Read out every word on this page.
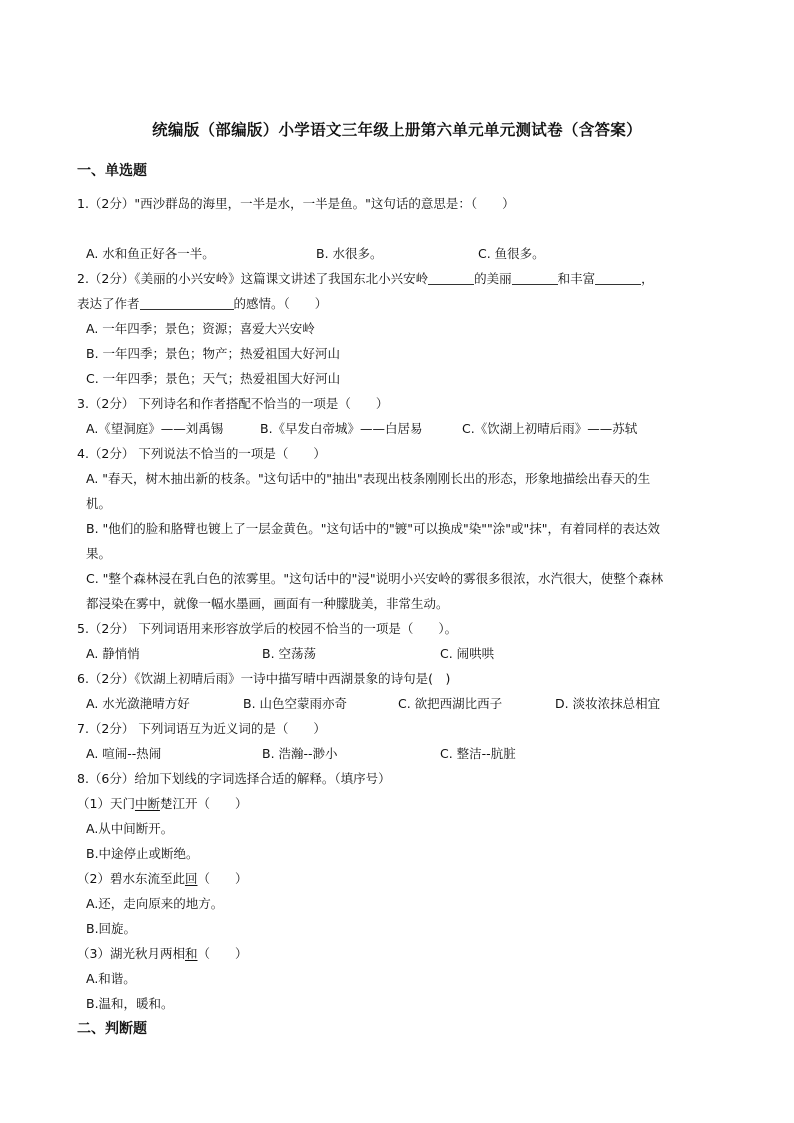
统编版（部编版）小学语文三年级上册第六单元单元测试卷（含答案）
一、单选题
1.（2分）"西沙群岛的海里，一半是水，一半是鱼。"这句话的意思是：（　　）
A. 水和鱼正好各一半。	B. 水很多。	C. 鱼很多。
2.（2分）《美丽的小兴安岭》这篇课文讲述了我国东北小兴安岭	的美丽	和丰富	，
表达了作者	的感情。（　　）
A. 一年四季；景色；资源；喜爱大兴安岭
B. 一年四季；景色；物产；热爱祖国大好河山
C. 一年四季；景色；天气；热爱祖国大好河山
3.（2分） 下列诗名和作者搭配不恰当的一项是（　　）
A.《望洞庭》——刘禹锡	B.《早发白帝城》——白居易	C.《饮湖上初晴后雨》——苏轼
4.（2分） 下列说法不恰当的一项是（　　）
A. "春天，树木抽出新的枝条。"这句话中的"抽出"表现出枝条刚刚长出的形态，形象地描绘出春天的生
机。
B. "他们的脸和胳臂也镀上了一层金黄色。"这句话中的"镀"可以换成"染""涂"或"抹"，有着同样的表达效
果。
C. "整个森林浸在乳白色的浓雾里。"这句话中的"浸"说明小兴安岭的雾很多很浓，水汽很大，使整个森林
都浸染在雾中，就像一幅水墨画，画面有一种朦胧美，非常生动。
5.（2分） 下列词语用来形容放学后的校园不恰当的一项是（　　）。
A. 静悄悄	B. 空荡荡	C. 闹哄哄
6.（2分）《饮湖上初晴后雨》一诗中描写晴中西湖景象的诗句是(　)
A. 水光潋滟晴方好	B. 山色空蒙雨亦奇	C. 欲把西湖比西子	D. 淡妆浓抹总相宜
7.（2分） 下列词语互为近义词的是（　　）
A. 喧闹--热闹	B. 浩瀚--渺小	C. 整洁--肮脏
8.（6分）给加下划线的字词选择合适的解释。（填序号）
（1）天门中断楚江开（　　）
A.从中间断开。
B.中途停止或断绝。
（2）碧水东流至此回（　　）
A.还，走向原来的地方。
B.回旋。
（3）湖光秋月两相和（　　）
A.和谐。
B.温和，暖和。
二、判断题
